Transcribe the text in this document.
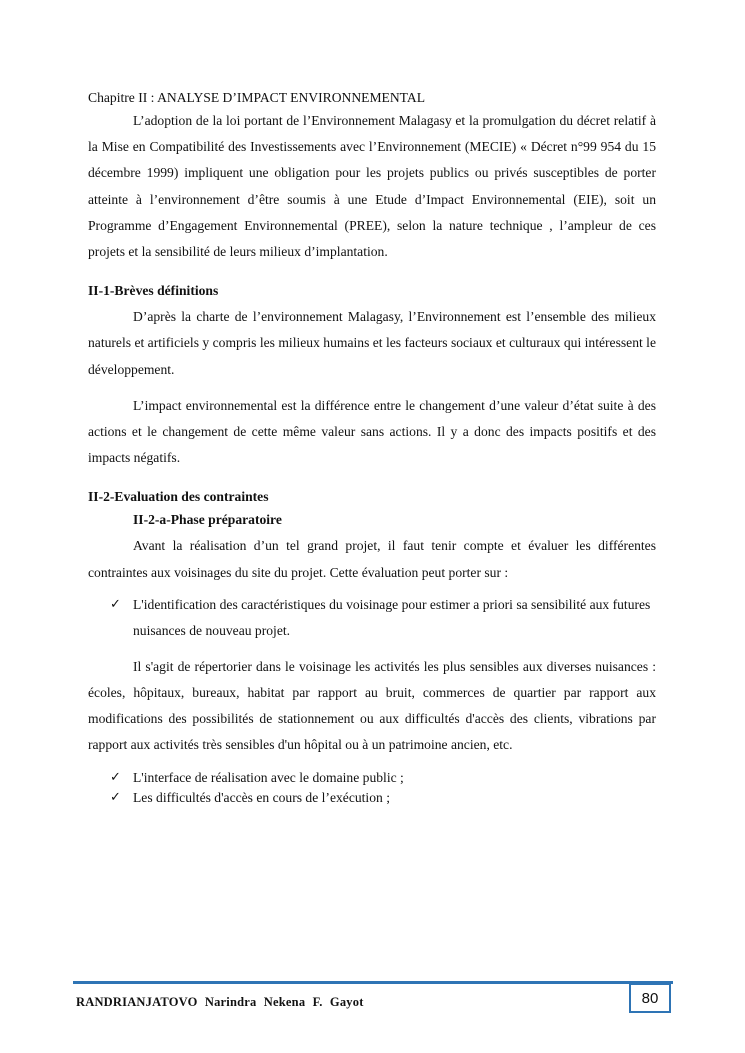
Chapitre II : ANALYSE D’IMPACT ENVIRONNEMENTAL

L’adoption de la loi portant de l’Environnement Malagasy et la promulgation du décret relatif à la Mise en Compatibilité des Investissements avec l’Environnement (MECIE) « Décret n°99 954 du 15 décembre 1999) impliquent une obligation pour les projets publics ou privés susceptibles de porter atteinte à l’environnement d’être soumis à une Etude d’Impact Environnemental (EIE), soit un Programme d’Engagement Environnemental (PREE), selon la nature technique , l’ampleur de ces projets et la sensibilité de leurs milieux d’implantation.

II-1-Brèves définitions

D’après la charte de l’environnement Malagasy, l’Environnement est l’ensemble des milieux naturels et artificiels y compris les milieux humains et les facteurs sociaux et culturaux qui intéressent le développement.

L’impact environnemental est la différence entre le changement d’une valeur d’état suite à des actions et le changement de cette même valeur sans actions. Il y a donc des impacts positifs et des impacts négatifs.

II-2-Evaluation des contraintes
II-2-a-Phase préparatoire

Avant la réalisation d’un tel grand projet, il faut tenir compte et évaluer les différentes contraintes aux voisinages du site du projet. Cette évaluation peut porter sur :

✓ L'identification des caractéristiques du voisinage pour estimer a priori sa sensibilité aux futures nuisances de nouveau projet.

Il s'agit de répertorier dans le voisinage les activités les plus sensibles aux diverses nuisances : écoles, hôpitaux, bureaux, habitat par rapport au bruit, commerces de quartier par rapport aux modifications des possibilités de stationnement ou aux difficultés d'accès des clients, vibrations par rapport aux activités très sensibles d'un hôpital ou à un patrimoine ancien, etc.

✓ L'interface de réalisation avec le domaine public ;
✓ Les difficultés d'accès en cours de l’exécution ;
RANDRIANJATOVO Narindra Nekena F. Gayot	80
